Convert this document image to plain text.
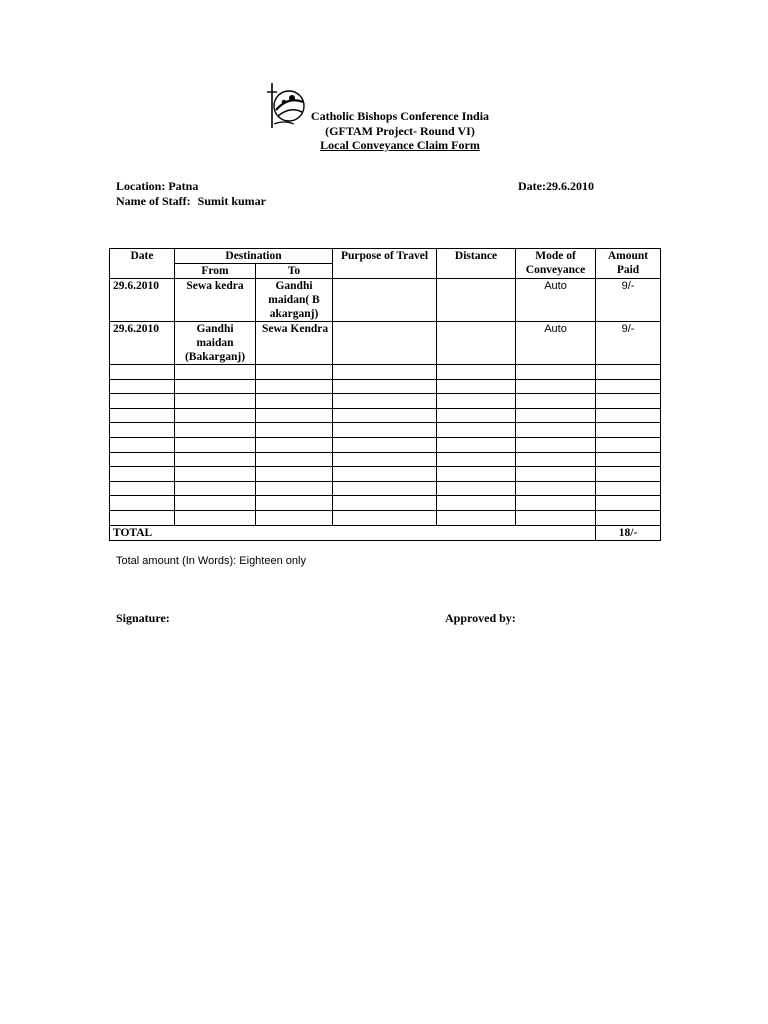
Catholic Bishops Conference India
(GFTAM Project- Round VI)
Local Conveyance Claim Form
Location: Patna	Date:29.6.2010
Name of Staff: Sumit kumar
Date	Destination		Purpose of Travel	Distance	Mode of Conveyance	Amount Paid
	From	To				
29.6.2010	Sewa kedra	Gandhi maidan( B akarganj)			Auto	9/-
29.6.2010	Gandhi maidan (Bakarganj)	Sewa Kendra			Auto	9/-

TOTAL						18/-
Total amount (In Words): Eighteen only
Signature:	Approved by:
